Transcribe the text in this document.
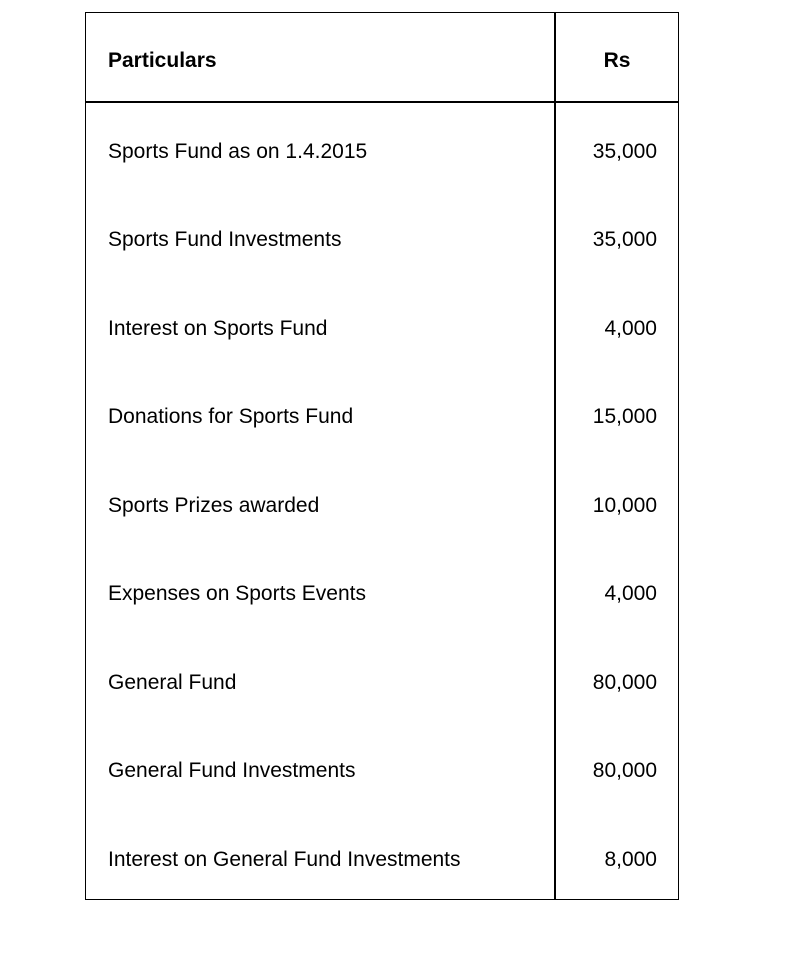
Particulars	Rs
Sports Fund as on 1.4.2015	35,000
Sports Fund Investments	35,000
Interest on Sports Fund	4,000
Donations for Sports Fund	15,000
Sports Prizes awarded	10,000
Expenses on Sports Events	4,000
General Fund	80,000
General Fund Investments	80,000
Interest on General Fund Investments	8,000
